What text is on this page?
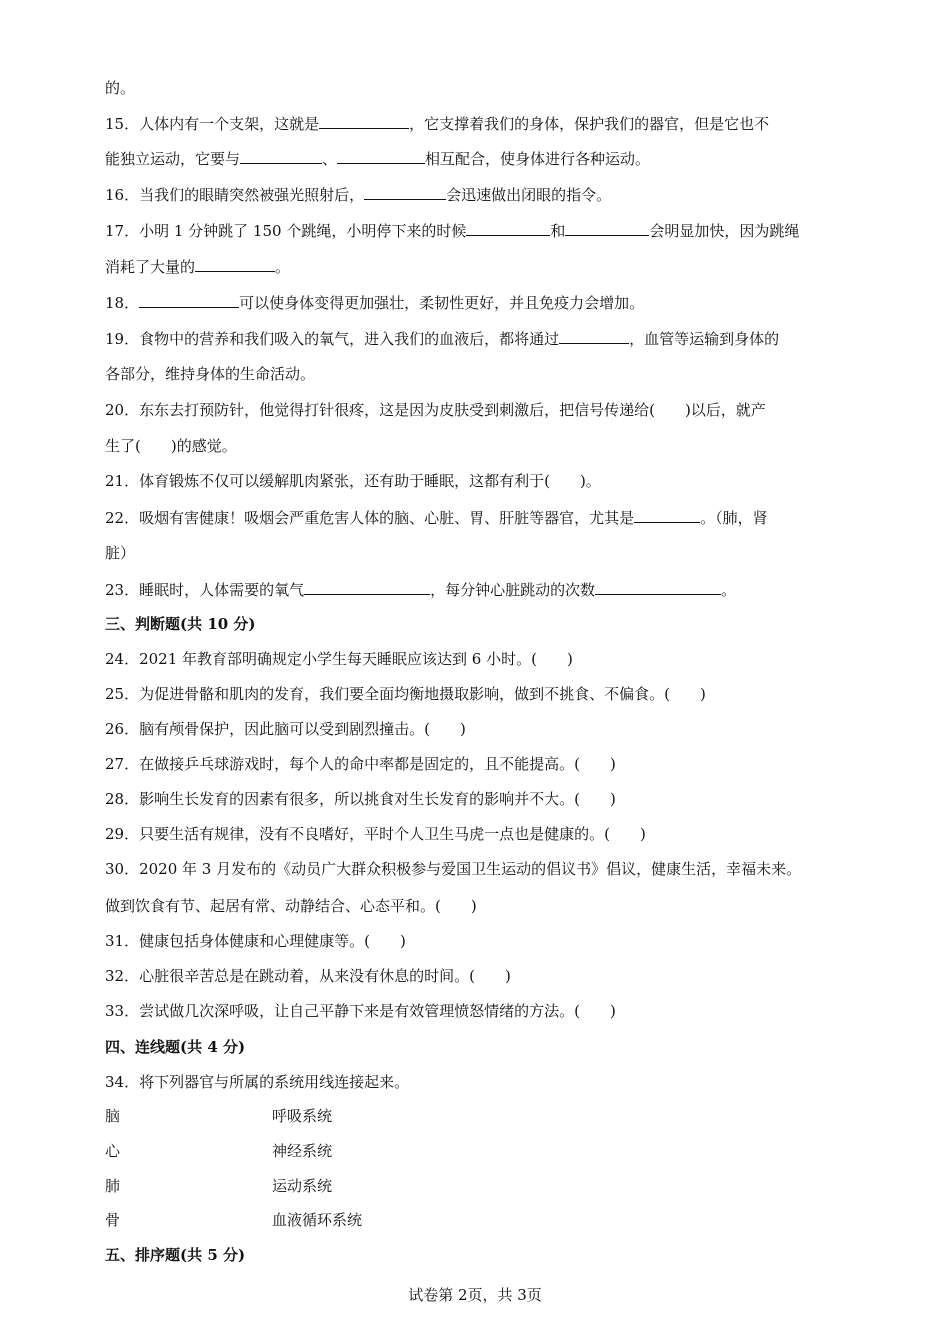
的。
15．人体内有一个支架，这就是	，它支撑着我们的身体，保护我们的器官，但是它也不
能独立运动，它要与	、	相互配合，使身体进行各种运动。
16．当我们的眼睛突然被强光照射后，	会迅速做出闭眼的指令。
17．小明 1 分钟跳了 150 个跳绳，小明停下来的时候	和	会明显加快，因为跳绳
消耗了大量的	。
18．	可以使身体变得更加强壮，柔韧性更好，并且免疫力会增加。
19．食物中的营养和我们吸入的氧气，进入我们的血液后，都将通过	，血管等运输到身体的
各部分，维持身体的生命活动。
20．东东去打预防针，他觉得打针很疼，这是因为皮肤受到刺激后，把信号传递给(　　)以后，就产
生了(　　)的感觉。
21．体育锻炼不仅可以缓解肌肉紧张，还有助于睡眠，这都有利于(　　)。
22．吸烟有害健康！吸烟会严重危害人体的脑、心脏、胃、肝脏等器官，尤其是	。（肺，肾
脏）
23．睡眠时，人体需要的氧气	，每分钟心脏跳动的次数	。
三、判断题(共 10 分)
24．2021 年教育部明确规定小学生每天睡眠应该达到 6 小时。(　　)
25．为促进骨骼和肌肉的发育，我们要全面均衡地摄取影响，做到不挑食、不偏食。(　　)
26．脑有颅骨保护，因此脑可以受到剧烈撞击。(　　)
27．在做接乒乓球游戏时，每个人的命中率都是固定的，且不能提高。(　　)
28．影响生长发育的因素有很多，所以挑食对生长发育的影响并不大。(　　)
29．只要生活有规律，没有不良嗜好，平时个人卫生马虎一点也是健康的。(　　)
30．2020 年 3 月发布的《动员广大群众积极参与爱国卫生运动的倡议书》倡议，健康生活，幸福未来。
做到饮食有节、起居有常、动静结合、心态平和。(　　)
31．健康包括身体健康和心理健康等。(　　)
32．心脏很辛苦总是在跳动着，从来没有休息的时间。(　　)
33．尝试做几次深呼吸，让自己平静下来是有效管理愤怒情绪的方法。(　　)
四、连线题(共 4 分)
34．将下列器官与所属的系统用线连接起来。
脑	呼吸系统
心	神经系统
肺	运动系统
骨	血液循环系统
五、排序题(共 5 分)
试卷第 2页，共 3页
